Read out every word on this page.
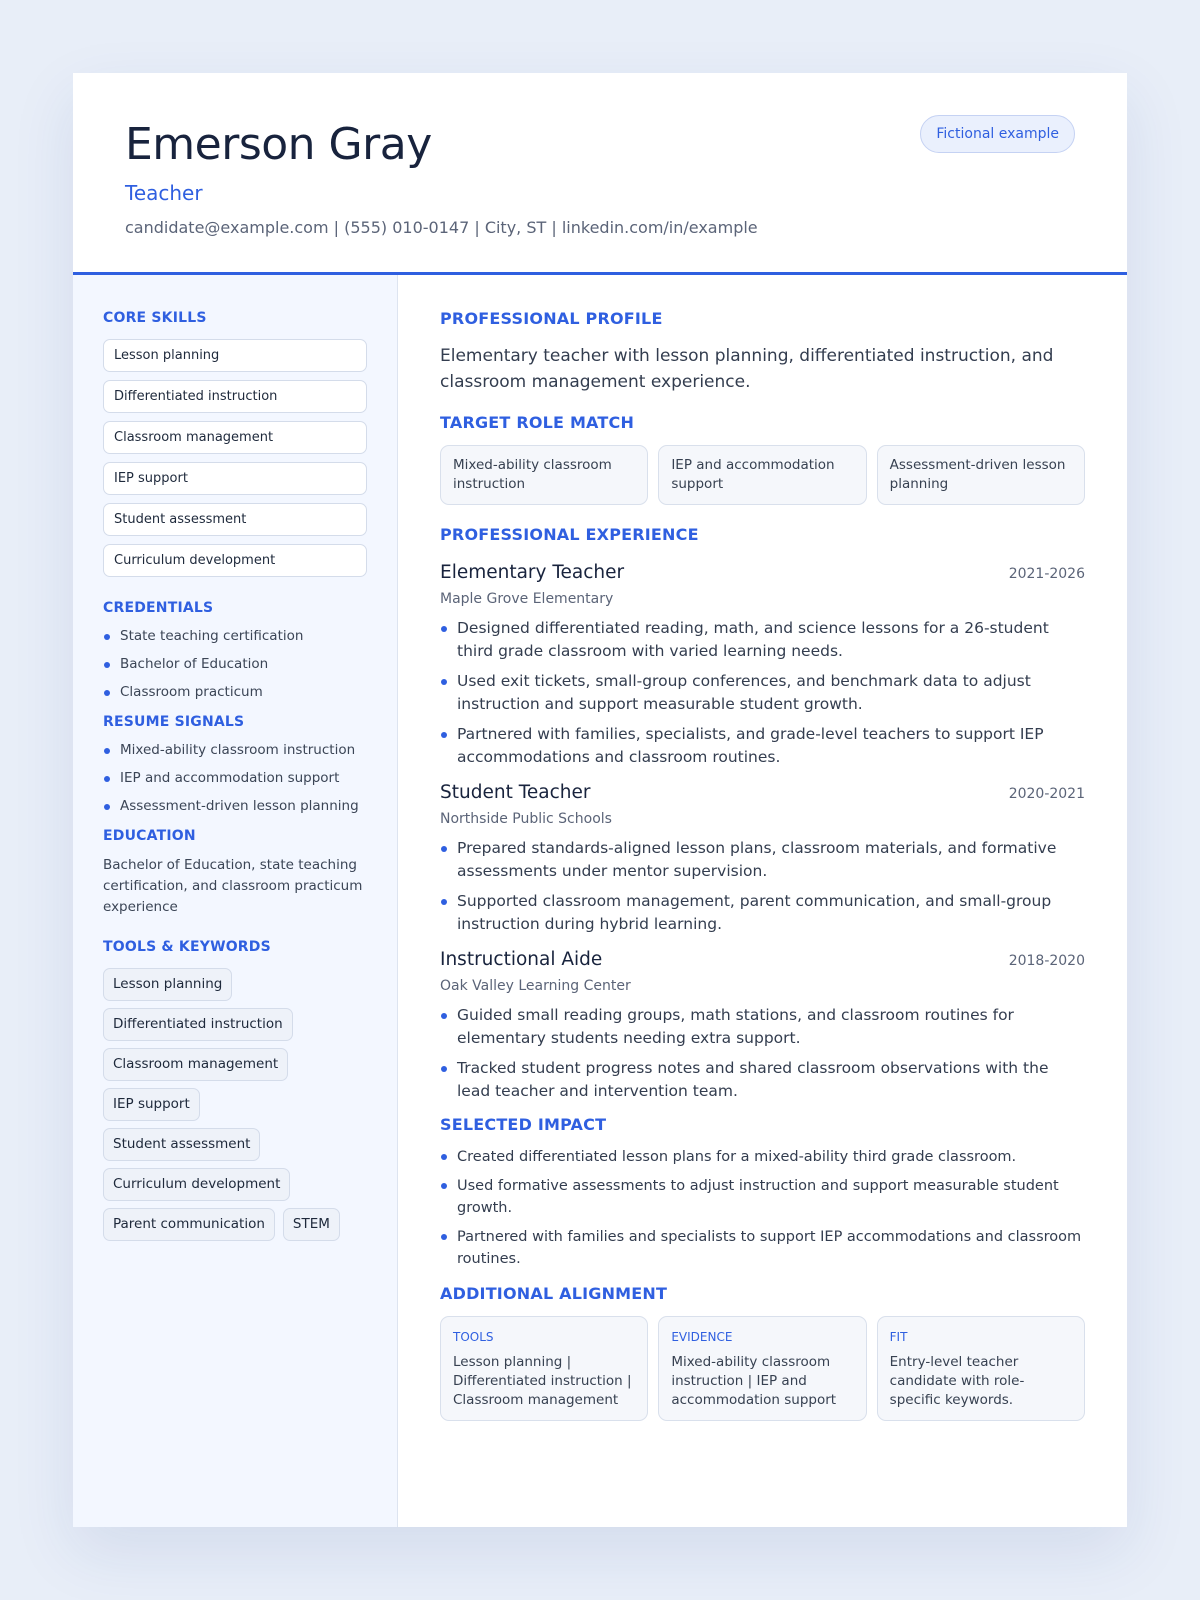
Emerson Gray
Teacher
candidate@example.com | (555) 010-0147 | City, ST | linkedin.com/in/example
Fictional example
CORE SKILLS
Lesson planning
Differentiated instruction
Classroom management
IEP support
Student assessment
Curriculum development
CREDENTIALS
State teaching certification
Bachelor of Education
Classroom practicum
RESUME SIGNALS
Mixed-ability classroom instruction
IEP and accommodation support
Assessment-driven lesson planning
EDUCATION

Bachelor of Education, state teaching certification, and classroom practicum experience

TOOLS & KEYWORDS
Lesson planning
Differentiated instruction
Classroom management
IEP support
Student assessment
Curriculum development
Parent communication	STEM
PROFESSIONAL PROFILE

Elementary teacher with lesson planning, differentiated instruction, and classroom management experience.

TARGET ROLE MATCH
Mixed-ability classroom instruction
IEP and accommodation support
Assessment-driven lesson planning
PROFESSIONAL EXPERIENCE
Elementary Teacher	2021-2026
Maple Grove Elementary
Designed differentiated reading, math, and science lessons for a 26-student third grade classroom with varied learning needs.
Used exit tickets, small-group conferences, and benchmark data to adjust instruction and support measurable student growth.
Partnered with families, specialists, and grade-level teachers to support IEP accommodations and classroom routines.
Student Teacher	2020-2021
Northside Public Schools
Prepared standards-aligned lesson plans, classroom materials, and formative assessments under mentor supervision.
Supported classroom management, parent communication, and small-group instruction during hybrid learning.
Instructional Aide	2018-2020
Oak Valley Learning Center
Guided small reading groups, math stations, and classroom routines for elementary students needing extra support.
Tracked student progress notes and shared classroom observations with the lead teacher and intervention team.
SELECTED IMPACT
Created differentiated lesson plans for a mixed-ability third grade classroom.
Used formative assessments to adjust instruction and support measurable student growth.
Partnered with families and specialists to support IEP accommodations and classroom routines.
ADDITIONAL ALIGNMENT
TOOLS
Lesson planning | Differentiated instruction | Classroom management
EVIDENCE
Mixed-ability classroom instruction | IEP and accommodation support
FIT
Entry-level teacher candidate with role-specific keywords.
